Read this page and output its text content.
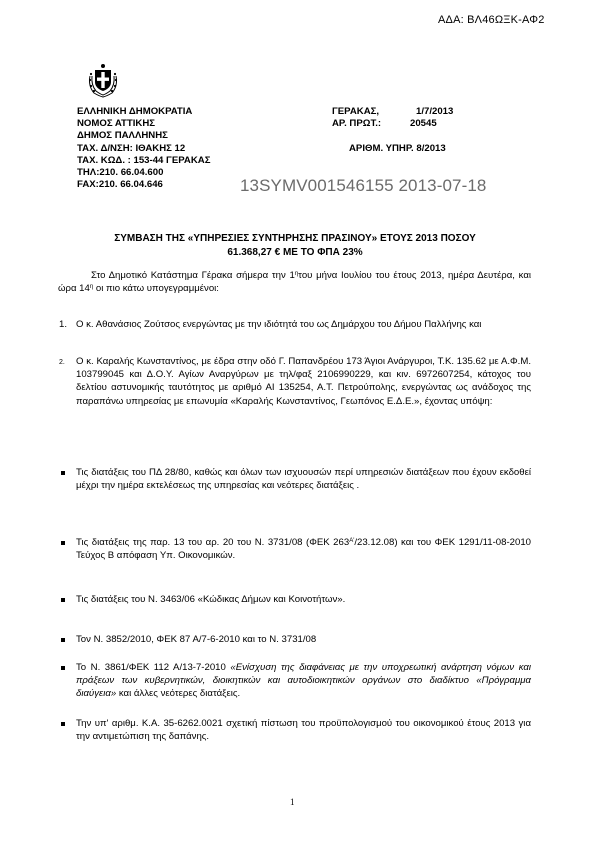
ΑΔΑ: ΒΛ46ΩΞΚ-ΑΦ2
ΕΛΛΗΝΙΚΗ ΔΗΜΟΚΡΑΤΙΑ
ΝΟΜΟΣ ΑΤΤΙΚΗΣ
ΔΗΜΟΣ ΠΑΛΛΗΝΗΣ
ΤΑΧ. Δ/ΝΣΗ: ΙΘΑΚΗΣ 12
ΤΑΧ. ΚΩΔ. : 153-44 ΓΕΡΑΚΑΣ
ΤΗΛ:210. 66.04.600
FAX:210. 66.04.646
ΓΕΡΑΚΑΣ,	1/7/2013
ΑΡ. ΠΡΩΤ.:	20545
ΑΡΙΘΜ. ΥΠΗΡ. 8/2013
13SYMV001546155 2013-07-18
ΣΥΜΒΑΣΗ ΤΗΣ «ΥΠΗΡΕΣΙΕΣ ΣΥΝΤΗΡΗΣΗΣ ΠΡΑΣΙΝΟΥ» ΕΤΟΥΣ 2013 ΠΟΣΟΥ
61.368,27 € ΜΕ ΤΟ ΦΠΑ 23%
Στο Δημοτικό Κατάστημα Γέρακα σήμερα την $1^\eta\tau o\upsilon$ μήνα Ιουλίου του έτους 2013, ημέρα Δευτέρα, και ώρα $14^\eta$ οι πιο κάτω υπογεγραμμένοι:
1. Ο κ. Αθανάσιος Ζούτσος ενεργώντας με την ιδιότητά του ως Δημάρχου του Δήμου Παλλήνης και
2. Ο κ. Καραλής Κωνσταντίνος, με έδρα στην οδό Γ. Παπανδρέου 173 Άγιοι Ανάργυροι, Τ.Κ. 135.62 με Α.Φ.Μ. 103799045 και Δ.Ο.Υ. Αγίων Αναργύρων με τηλ/φαξ 2106990229, και κιν. 6972607254, κάτοχος του δελτίου αστυνομικής ταυτότητος με αριθμό ΑΙ 135254, Α.Τ. Πετρούπολης, ενεργώντας ως ανάδοχος της παραπάνω υπηρεσίας με επωνυμία «Καραλής Κωνσταντίνος, Γεωπόνος Ε.Δ.Ε.», έχοντας υπόψη:
Τις διατάξεις του ΠΔ 28/80, καθώς και όλων των ισχυουσών περί υπηρεσιών διατάξεων που έχουν εκδοθεί μέχρι την ημέρα εκτελέσεως της υπηρεσίας και νεότερες διατάξεις .
Τις διατάξεις της παρ. 13 του αρ. 20 του Ν. 3731/08 (ΦΕΚ $263^{A'}/23.12.08$) και του ΦΕΚ 1291/11-08-2010 Τεύχος Β απόφαση Υπ. Οικονομικών.
Τις διατάξεις του Ν. 3463/06 «Κώδικας Δήμων και Κοινοτήτων».
Τον Ν. 3852/2010, ΦΕΚ 87 Α/7-6-2010 και το Ν. 3731/08
Το Ν. 3861/ΦΕΚ 112 Α/13-7-2010 «Ενίσχυση της διαφάνειας με την υποχρεωτική ανάρτηση νόμων και πράξεων των κυβερνητικών, διοικητικών και αυτοδιοικητικών οργάνων στο διαδίκτυο «Πρόγραμμα διαύγεια» και άλλες νεότερες διατάξεις.
Την υπ' αριθμ. Κ.Α. 35-6262.0021 σχετική πίστωση του προϋπολογισμού του οικονομικού έτους 2013 για την αντιμετώπιση της δαπάνης.
1
